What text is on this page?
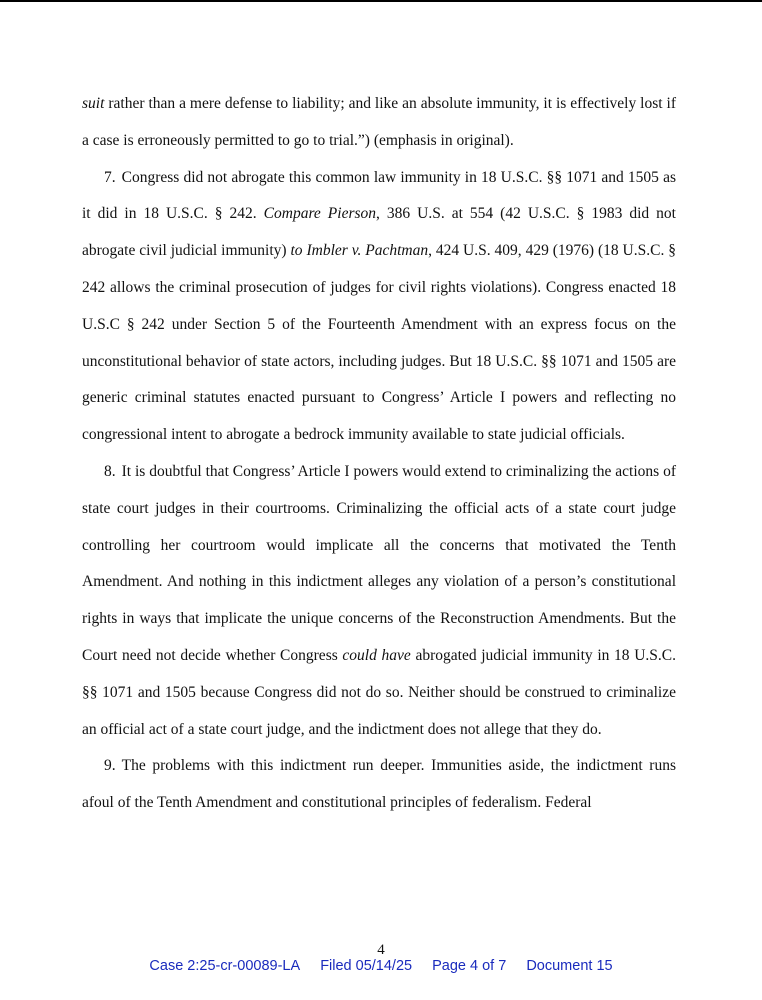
suit rather than a mere defense to liability; and like an absolute immunity, it is effectively lost if a case is erroneously permitted to go to trial.”) (emphasis in original).

7. Congress did not abrogate this common law immunity in 18 U.S.C. §§ 1071 and 1505 as it did in 18 U.S.C. § 242. Compare Pierson, 386 U.S. at 554 (42 U.S.C. § 1983 did not abrogate civil judicial immunity) to Imbler v. Pachtman, 424 U.S. 409, 429 (1976) (18 U.S.C. § 242 allows the criminal prosecution of judges for civil rights violations). Congress enacted 18 U.S.C § 242 under Section 5 of the Fourteenth Amendment with an express focus on the unconstitutional behavior of state actors, including judges. But 18 U.S.C. §§ 1071 and 1505 are generic criminal statutes enacted pursuant to Congress’ Article I powers and reflecting no congressional intent to abrogate a bedrock immunity available to state judicial officials.

8. It is doubtful that Congress’ Article I powers would extend to criminalizing the actions of state court judges in their courtrooms. Criminalizing the official acts of a state court judge controlling her courtroom would implicate all the concerns that motivated the Tenth Amendment. And nothing in this indictment alleges any violation of a person’s constitutional rights in ways that implicate the unique concerns of the Reconstruction Amendments. But the Court need not decide whether Congress could have abrogated judicial immunity in 18 U.S.C. §§ 1071 and 1505 because Congress did not do so. Neither should be construed to criminalize an official act of a state court judge, and the indictment does not allege that they do.

9. The problems with this indictment run deeper. Immunities aside, the indictment runs afoul of the Tenth Amendment and constitutional principles of federalism. Federal

4
Case 2:25-cr-00089-LA Filed 05/14/25 Page 4 of 7 Document 15
